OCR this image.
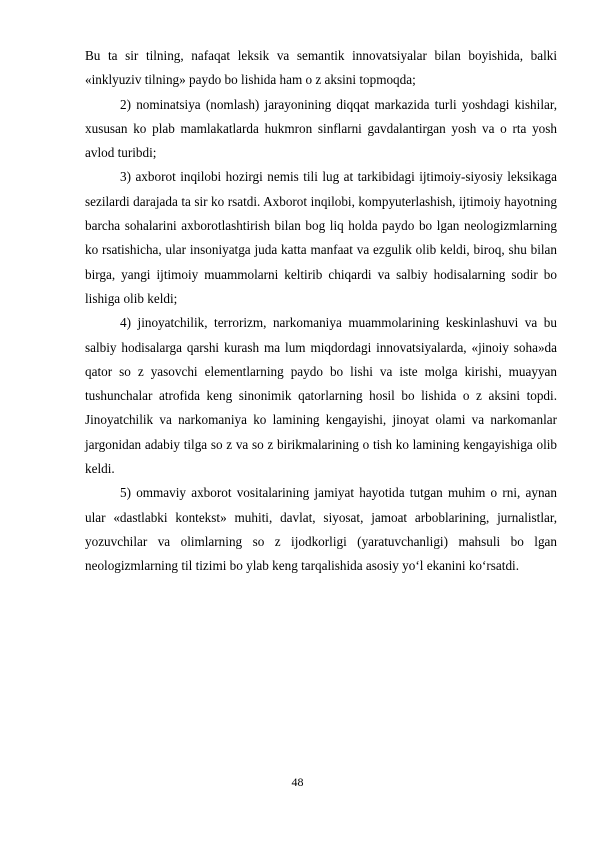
Bu ta sir tilning, nafaqat leksik va semantik innovatsiyalar bilan boyishida, balki «inklyuziv tilning» paydo bo lishida ham o z aksini topmoqda;

2) nominatsiya (nomlash) jarayonining diqqat markazida turli yoshdagi kishilar, xususan ko plab mamlakatlarda hukmron sinflarni gavdalantirgan yosh va o rta yosh avlod turibdi;

3) axborot inqilobi hozirgi nemis tili lug at tarkibidagi ijtimoiy-siyosiy leksikaga sezilardi darajada ta sir ko rsatdi. Axborot inqilobi, kompyuterlashish, ijtimoiy hayotning barcha sohalarini axborotlashtirish bilan bog liq holda paydo bo lgan neologizmlarning ko rsatishicha, ular insoniyatga juda katta manfaat va ezgulik olib keldi, biroq, shu bilan birga, yangi ijtimoiy muammolarni keltirib chiqardi va salbiy hodisalarning sodir bo lishiga olib keldi;

4) jinoyatchilik, terrorizm, narkomaniya muammolarining keskinlashuvi va bu salbiy hodisalarga qarshi kurash ma lum miqdordagi innovatsiyalarda, «jinoiy soha»da qator so z yasovchi elementlarning paydo bo lishi va iste molga kirishi, muayyan tushunchalar atrofida keng sinonimik qatorlarning hosil bo lishida o z aksini topdi. Jinoyatchilik va narkomaniya ko lamining kengayishi, jinoyat olami va narkomanlar jargonidan adabiy tilga so z va so z birikmalarining o tish ko lamining kengayishiga olib keldi.

5) ommaviy axborot vositalarining jamiyat hayotida tutgan muhim o rni, aynan ular «dastlabki kontekst» muhiti, davlat, siyosat, jamoat arboblarining, jurnalistlar, yozuvchilar va olimlarning so z ijodkorligi (yaratuvchanligi) mahsuli bo lgan neologizmlarning til tizimi bo ylab keng tarqalishida asosiy yo‘l ekanini ko‘rsatdi.

48
